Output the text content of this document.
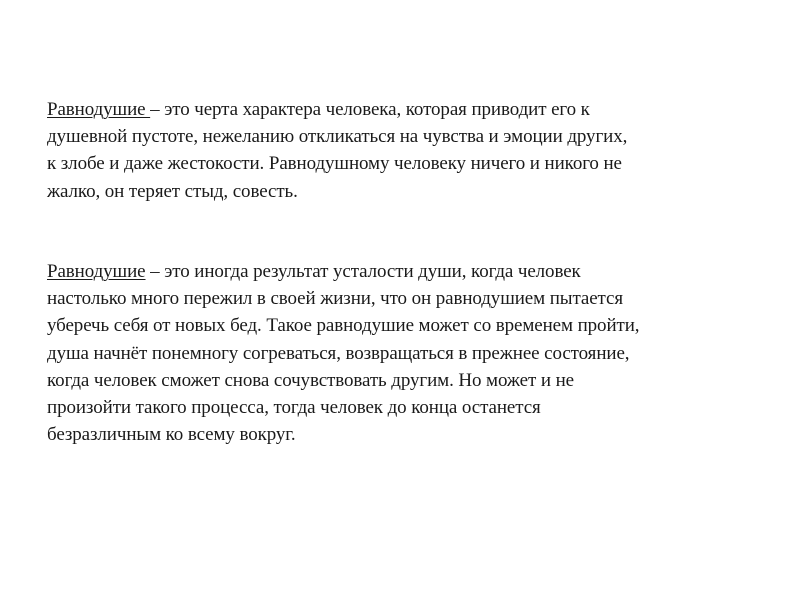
Равнодушие – это черта характера человека, которая приводит его к
душевной пустоте, нежеланию откликаться на чувства и эмоции других,
к злобе и даже жестокости. Равнодушному человеку ничего и никого не
жалко, он теряет стыд, совесть.
Равнодушие – это иногда результат усталости души, когда человек
настолько много пережил в своей жизни, что он равнодушием пытается
уберечь себя от новых бед. Такое равнодушие может со временем пройти,
душа начнёт понемногу согреваться, возвращаться в прежнее состояние,
когда человек сможет снова сочувствовать другим. Но может и не
произойти такого процесса, тогда человек до конца останется
безразличным ко всему вокруг.
